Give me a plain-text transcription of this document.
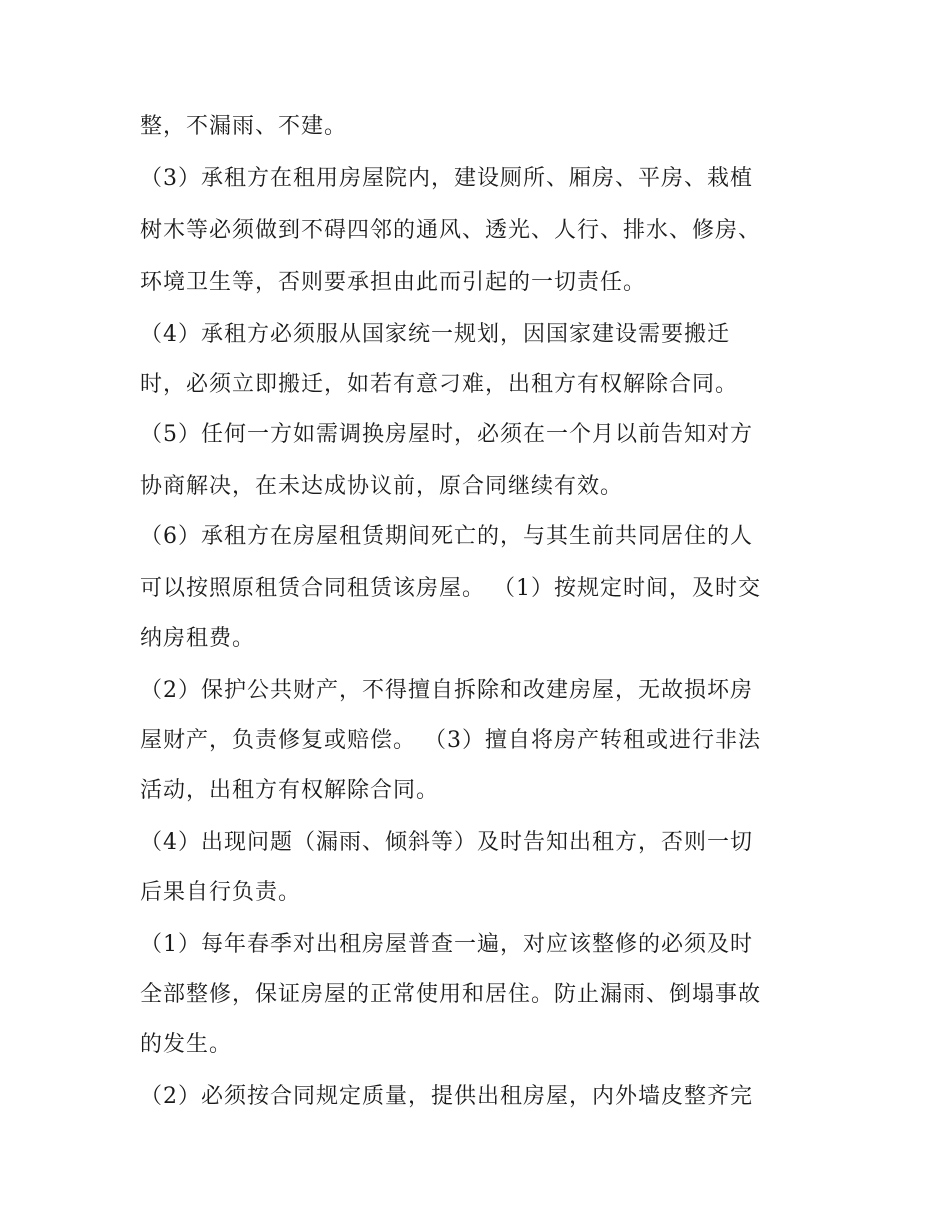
整，不漏雨、不建。
（3）承租方在租用房屋院内，建设厕所、厢房、平房、栽植
树木等必须做到不碍四邻的通风、透光、人行、排水、修房、
环境卫生等，否则要承担由此而引起的一切责任。
（4）承租方必须服从国家统一规划，因国家建设需要搬迁
时，必须立即搬迁，如若有意刁难，出租方有权解除合同。
（5）任何一方如需调换房屋时，必须在一个月以前告知对方
协商解决，在未达成协议前，原合同继续有效。
（6）承租方在房屋租赁期间死亡的，与其生前共同居住的人
可以按照原租赁合同租赁该房屋。 （1）按规定时间，及时交
纳房租费。
（2）保护公共财产，不得擅自拆除和改建房屋，无故损坏房
屋财产，负责修复或赔偿。 （3）擅自将房产转租或进行非法
活动，出租方有权解除合同。
（4）出现问题（漏雨、倾斜等）及时告知出租方，否则一切
后果自行负责。
（1）每年春季对出租房屋普查一遍，对应该整修的必须及时
全部整修，保证房屋的正常使用和居住。防止漏雨、倒塌事故
的发生。
（2）必须按合同规定质量，提供出租房屋，内外墙皮整齐完
